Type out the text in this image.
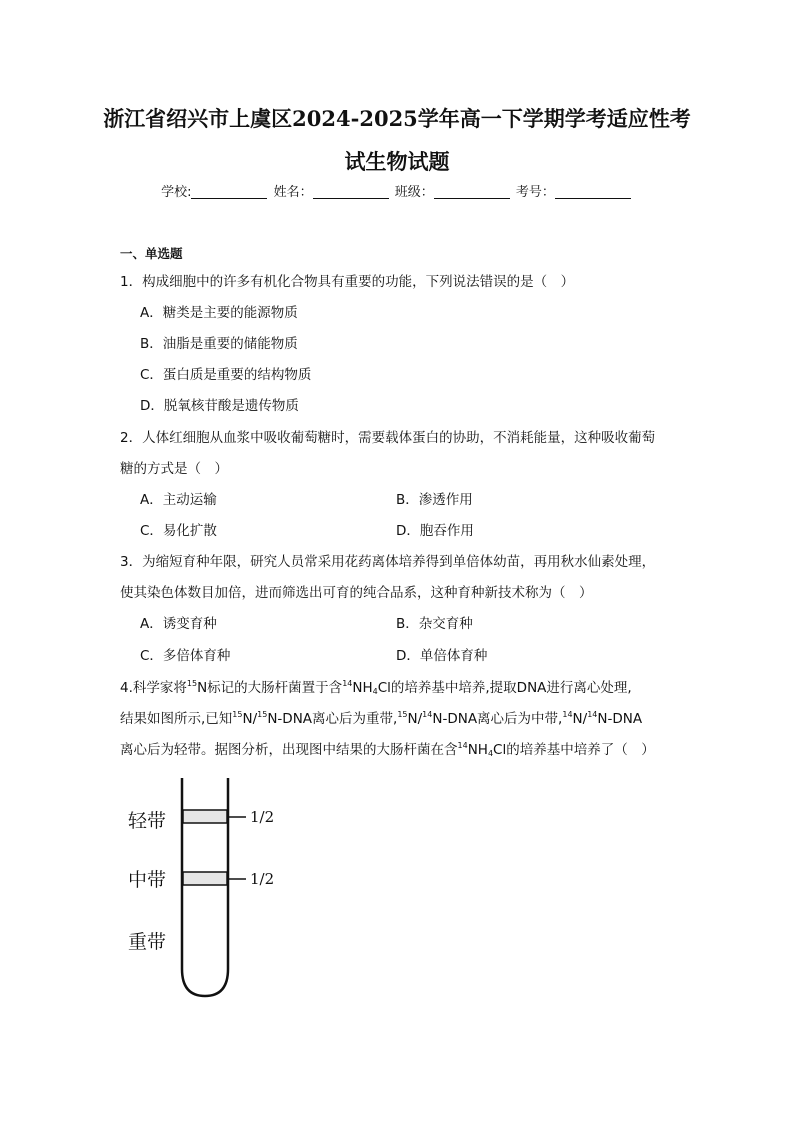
浙江省绍兴市上虞区2024-2025学年高一下学期学考适应性考
试生物试题
学校:	姓名：	班级：	考号：
一、单选题
1．构成细胞中的许多有机化合物具有重要的功能，下列说法错误的是（　）
A．糖类是主要的能源物质
B．油脂是重要的储能物质
C．蛋白质是重要的结构物质
D．脱氧核苷酸是遗传物质
2．人体红细胞从血浆中吸收葡萄糖时，需要载体蛋白的协助，不消耗能量，这种吸收葡萄
糖的方式是（　）
A．主动运输	B．渗透作用
C．易化扩散	D．胞吞作用
3．为缩短育种年限，研究人员常采用花药离体培养得到单倍体幼苗，再用秋水仙素处理，
使其染色体数目加倍，进而筛选出可育的纯合品系，这种育种新技术称为（　）
A．诱变育种	B．杂交育种
C．多倍体育种	D．单倍体育种
4.科学家将$^{15}$N标记的大肠杆菌置于含$^{14}NH_4Cl$的培养基中培养,提取DNA进行离心处理,
结果如图所示,已知$^{15}$N/$^{15}$N-DNA离心后为重带,$^{15}$N/$^{14}$N-DNA离心后为中带,$^{14}$N/$^{14}$N-DNA
离心后为轻带。据图分析，出现图中结果的大肠杆菌在含$^{14}NH_4Cl$的培养基中培养了（　）
轻带
中带
重带
1/2
1/2
